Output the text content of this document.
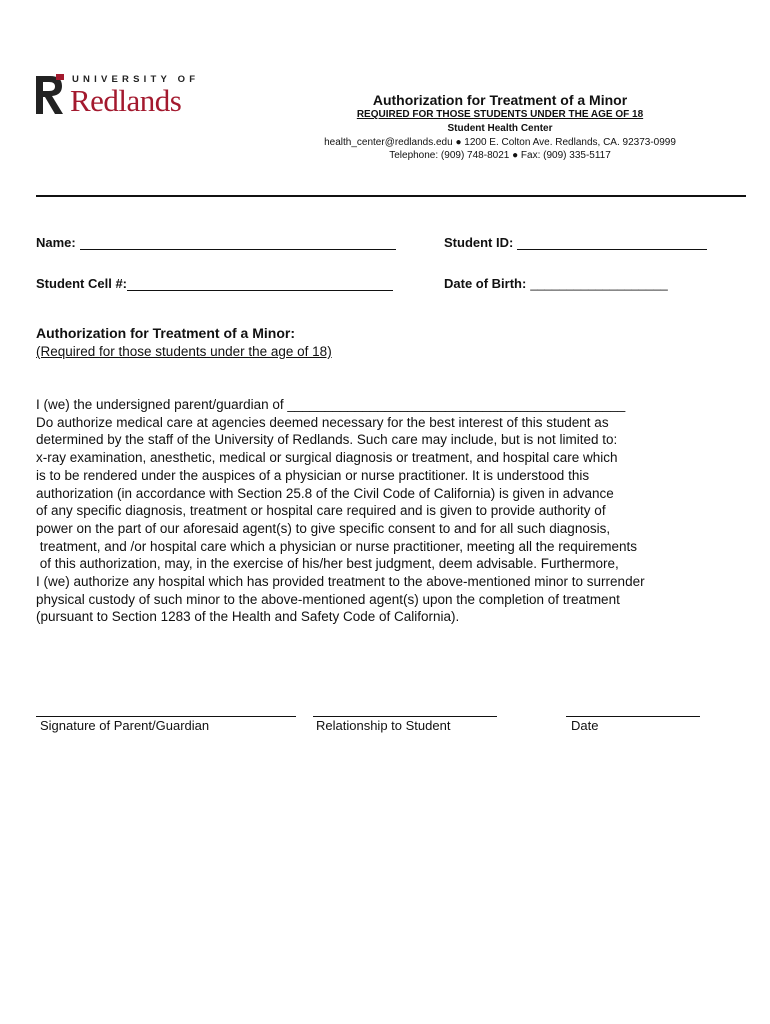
UNIVERSITY OF
Redlands	Authorization for Treatment of a Minor
REQUIRED FOR THOSE STUDENTS UNDER THE AGE OF 18
Student Health Center
health_center@redlands.edu ● 1200 E. Colton Ave. Redlands, CA. 92373-0999
Telephone: (909) 748-8021 ● Fax: (909) 335-5117
Name:	Student ID:
Student Cell #:	Date of Birth: ___________________
Authorization for Treatment of a Minor:
(Required for those students under the age of 18)
I (we) the undersigned parent/guardian of _____________________________________________
Do authorize medical care at agencies deemed necessary for the best interest of this student as
determined by the staff of the University of Redlands. Such care may include, but is not limited to:
x-ray examination, anesthetic, medical or surgical diagnosis or treatment, and hospital care which
is to be rendered under the auspices of a physician or nurse practitioner. It is understood this
authorization (in accordance with Section 25.8 of the Civil Code of California) is given in advance
of any specific diagnosis, treatment or hospital care required and is given to provide authority of
power on the part of our aforesaid agent(s) to give specific consent to and for all such diagnosis,
treatment, and /or hospital care which a physician or nurse practitioner, meeting all the requirements
of this authorization, may, in the exercise of his/her best judgment, deem advisable. Furthermore,
I (we) authorize any hospital which has provided treatment to the above-mentioned minor to surrender
physical custody of such minor to the above-mentioned agent(s) upon the completion of treatment
(pursuant to Section 1283 of the Health and Safety Code of California).
Signature of Parent/Guardian	Relationship to Student	Date
